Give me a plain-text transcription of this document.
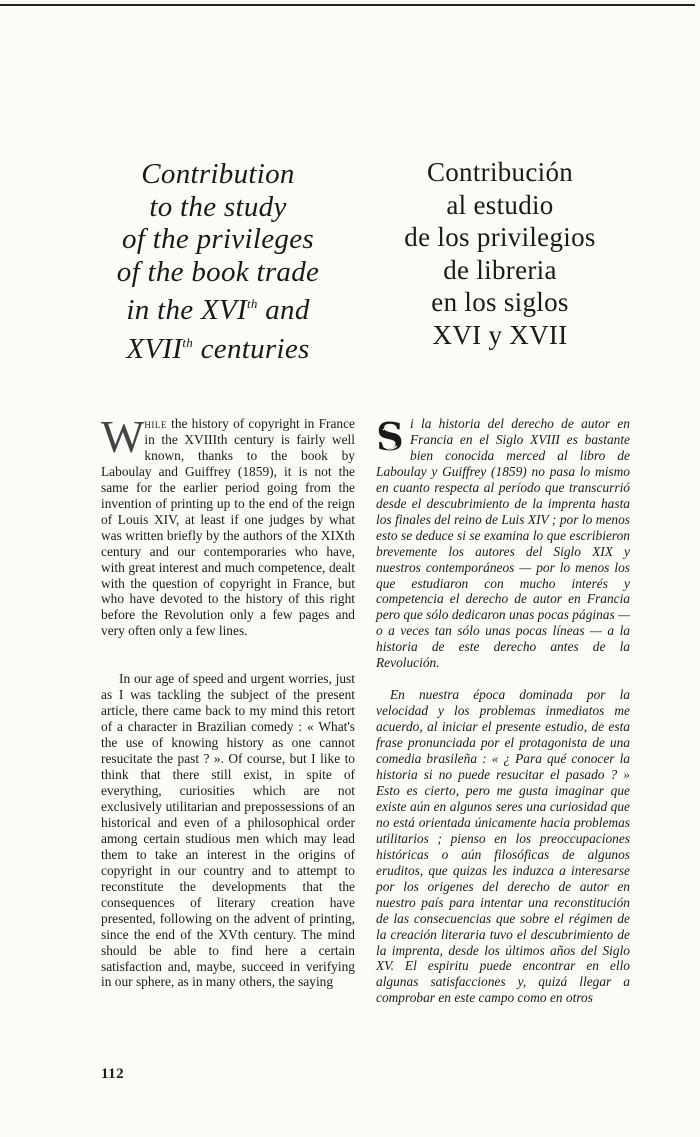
Contribution
to the study
of the privileges
of the book trade
in the XVIth and
XVIIth centuries
Contribución
al estudio
de los privilegios
de libreria
en los siglos
XVI y XVII

While the history of copyright in France in the XVIIIth century is fairly well known, thanks to the book by Laboulay and Guiffrey (1859), it is not the same for the earlier period going from the invention of printing up to the end of the reign of Louis XIV, at least if one judges by what was written briefly by the authors of the XIXth century and our contemporaries who have, with great interest and much competence, dealt with the question of copyright in France, but who have devoted to the history of this right before the Revolution only a few pages and very often only a few lines.

In our age of speed and urgent worries, just as I was tackling the subject of the present article, there came back to my mind this retort of a character in Brazilian comedy : « What's the use of knowing history as one cannot resucitate the past ? ». Of course, but I like to think that there still exist, in spite of everything, curiosities which are not exclusively utilitarian and prepossessions of an historical and even of a philosophical order among certain studious men which may lead them to take an interest in the origins of copyright in our country and to attempt to reconstitute the developments that the consequences of literary creation have presented, following on the advent of printing, since the end of the XVth century. The mind should be able to find here a certain satisfaction and, maybe, succeed in verifying in our sphere, as in many others, the saying

S i la historia del derecho de autor en Francia en el Siglo XVIII es bastante bien conocida merced al libro de Laboulay y Guiffrey (1859) no pasa lo mismo en cuanto respecta al período que transcurrió desde el descubrimiento de la imprenta hasta los finales del reino de Luis XIV ; por lo menos esto se deduce si se examina lo que escribieron brevemente los autores del Siglo XIX y nuestros contemporáneos — por lo menos los que estudiaron con mucho interés y competencia el derecho de autor en Francia pero que sólo dedicaron unas pocas páginas — o a veces tan sólo unas pocas líneas — a la historia de este derecho antes de la Revolución.

En nuestra época dominada por la velocidad y los problemas inmediatos me acuerdo, al iniciar el presente estudio, de esta frase pronunciada por el protagonista de una comedia brasileña : « ¿ Para qué conocer la historia si no puede resucitar el pasado ? » Esto es cierto, pero me gusta imaginar que existe aún en algunos seres una curiosidad que no está orientada únicamente hacia problemas utilitarios ; pienso en los preoccupaciones históricas o aún filosóficas de algunos eruditos, que quizas les induzca a interesarse por los origenes del derecho de autor en nuestro país para intentar una reconstitución de las consecuencias que sobre el régimen de la creación literaria tuvo el descubrimiento de la imprenta, desde los últimos años del Siglo XV. El espiritu puede encontrar en ello algunas satisfacciones y, quizá llegar a comprobar en este campo como en otros

112
